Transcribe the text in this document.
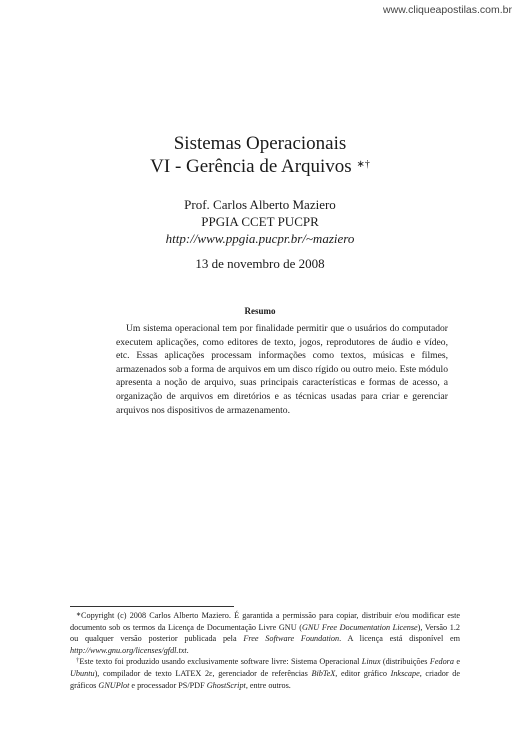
www.cliqueapostilas.com.br
Sistemas Operacionais
VI - Gerência de Arquivos ∗†
Prof. Carlos Alberto Maziero
PPGIA CCET PUCPR
http://www.ppgia.pucpr.br/~maziero
13 de novembro de 2008
Resumo

Um sistema operacional tem por finalidade permitir que o usuários do computador executem aplicações, como editores de texto, jogos, reprodutores de áudio e vídeo, etc. Essas aplicações processam informações como textos, músicas e filmes, armazenados sob a forma de arquivos em um disco rígido ou outro meio. Este módulo apresenta a noção de arquivo, suas principais características e formas de acesso, a organização de arquivos em diretórios e as técnicas usadas para criar e gerenciar arquivos nos dispositivos de armazenamento.

∗Copyright (c) 2008 Carlos Alberto Maziero. É garantida a permissão para copiar, distribuir e/ou modificar este documento sob os termos da Licença de Documentação Livre GNU (GNU Free Documentation License), Versão 1.2 ou qualquer versão posterior publicada pela Free Software Foundation. A licença está disponível em http://www.gnu.org/licenses/gfdl.txt.

†Este texto foi produzido usando exclusivamente software livre: Sistema Operacional Linux (distribuições Fedora e Ubuntu), compilador de texto LATEX 2ε, gerenciador de referências BibTeX, editor gráfico Inkscape, criador de gráficos GNUPlot e processador PS/PDF GhostScript, entre outros.
